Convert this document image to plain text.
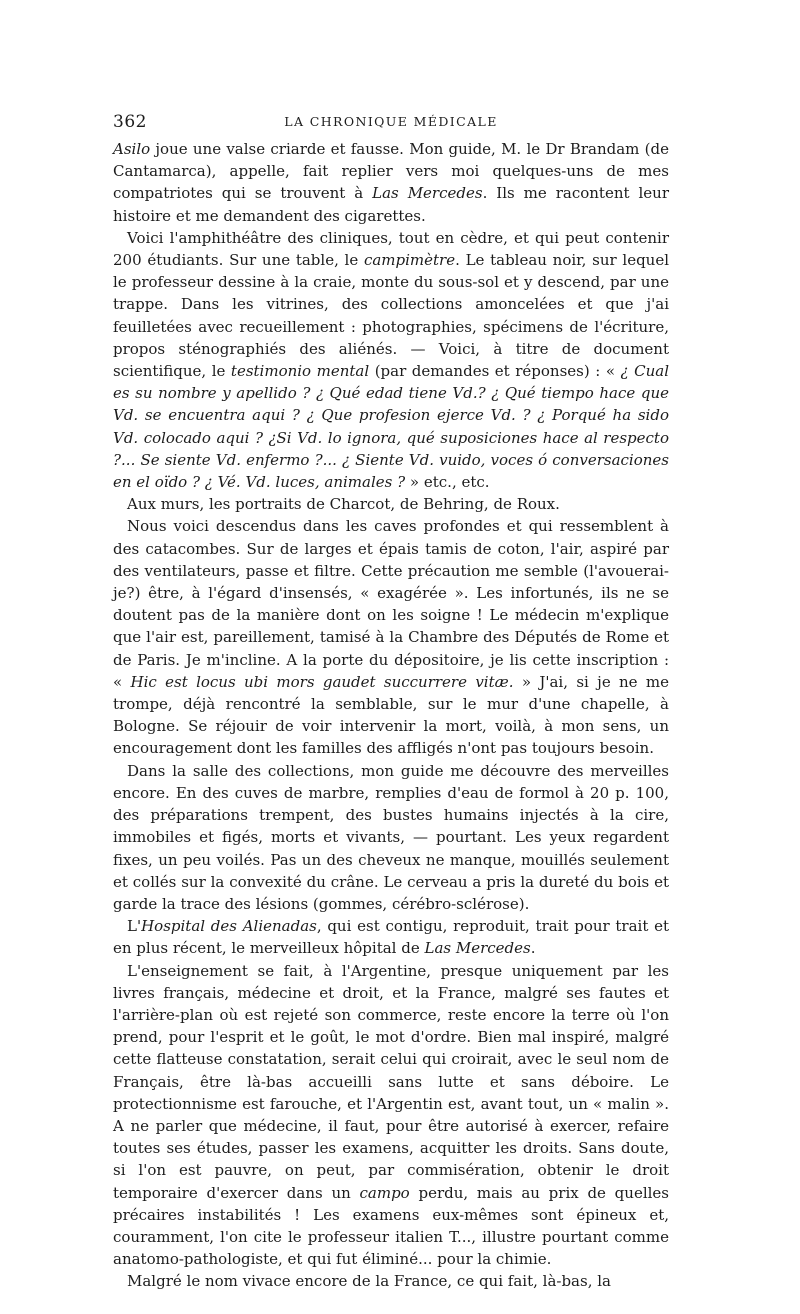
362	LA CHRONIQUE MÉDICALE

Asilo joue une valse criarde et fausse. Mon guide, M. le Dr Brandam (de Cantamarca), appelle, fait replier vers moi quelques-uns de mes compatriotes qui se trouvent à Las Mercedes. Ils me racontent leur histoire et me demandent des cigarettes.

Voici l'amphithéâtre des cliniques, tout en cèdre, et qui peut contenir 200 étudiants. Sur une table, le campimètre. Le tableau noir, sur lequel le professeur dessine à la craie, monte du sous-sol et y descend, par une trappe. Dans les vitrines, des collections amoncelées et que j'ai feuilletées avec recueillement : photographies, spécimens de l'écriture, propos sténographiés des aliénés. — Voici, à titre de document scientifique, le testimonio mental (par demandes et réponses) : « ¿ Cual es su nombre y apellido ? ¿ Qué edad tiene Vd.? ¿ Qué tiempo hace que Vd. se encuentra aqui ? ¿ Que profesion ejerce Vd. ? ¿ Porqué ha sido Vd. colocado aqui ? ¿Si Vd. lo ignora, qué suposiciones hace al respecto ?... Se siente Vd. enfermo ?... ¿ Siente Vd. vuido, voces ó conversaciones en el oïdo ? ¿ Vé. Vd. luces, animales ? » etc., etc.

Aux murs, les portraits de Charcot, de Behring, de Roux.

Nous voici descendus dans les caves profondes et qui ressemblent à des catacombes. Sur de larges et épais tamis de coton, l'air, aspiré par des ventilateurs, passe et filtre. Cette précaution me semble (l'avouerai-je?) être, à l'égard d'insensés, « exagérée ». Les infortunés, ils ne se doutent pas de la manière dont on les soigne ! Le médecin m'explique que l'air est, pareillement, tamisé à la Chambre des Députés de Rome et de Paris. Je m'incline. A la porte du dépositoire, je lis cette inscription : « Hic est locus ubi mors gaudet succurrere vitæ. » J'ai, si je ne me trompe, déjà rencontré la semblable, sur le mur d'une chapelle, à Bologne. Se réjouir de voir intervenir la mort, voilà, à mon sens, un encouragement dont les familles des affligés n'ont pas toujours besoin.

Dans la salle des collections, mon guide me découvre des merveilles encore. En des cuves de marbre, remplies d'eau de formol à 20 p. 100, des préparations trempent, des bustes humains injectés à la cire, immobiles et figés, morts et vivants, — pourtant. Les yeux regardent fixes, un peu voilés. Pas un des cheveux ne manque, mouillés seulement et collés sur la convexité du crâne. Le cerveau a pris la dureté du bois et garde la trace des lésions (gommes, cérébro-sclérose).

L'Hospital des Alienadas, qui est contigu, reproduit, trait pour trait et en plus récent, le merveilleux hôpital de Las Mercedes.

L'enseignement se fait, à l'Argentine, presque uniquement par les livres français, médecine et droit, et la France, malgré ses fautes et l'arrière-plan où est rejeté son commerce, reste encore la terre où l'on prend, pour l'esprit et le goût, le mot d'ordre. Bien mal inspiré, malgré cette flatteuse constatation, serait celui qui croirait, avec le seul nom de Français, être là-bas accueilli sans lutte et sans déboire. Le protectionnisme est farouche, et l'Argentin est, avant tout, un « malin ». A ne parler que médecine, il faut, pour être autorisé à exercer, refaire toutes ses études, passer les examens, acquitter les droits. Sans doute, si l'on est pauvre, on peut, par commisération, obtenir le droit temporaire d'exercer dans un campo perdu, mais au prix de quelles précaires instabilités ! Les examens eux-mêmes sont épineux et, couramment, l'on cite le professeur italien T..., illustre pourtant comme anatomo-pathologiste, et qui fut éliminé... pour la chimie.

Malgré le nom vivace encore de la France, ce qui fait, là-bas, la
